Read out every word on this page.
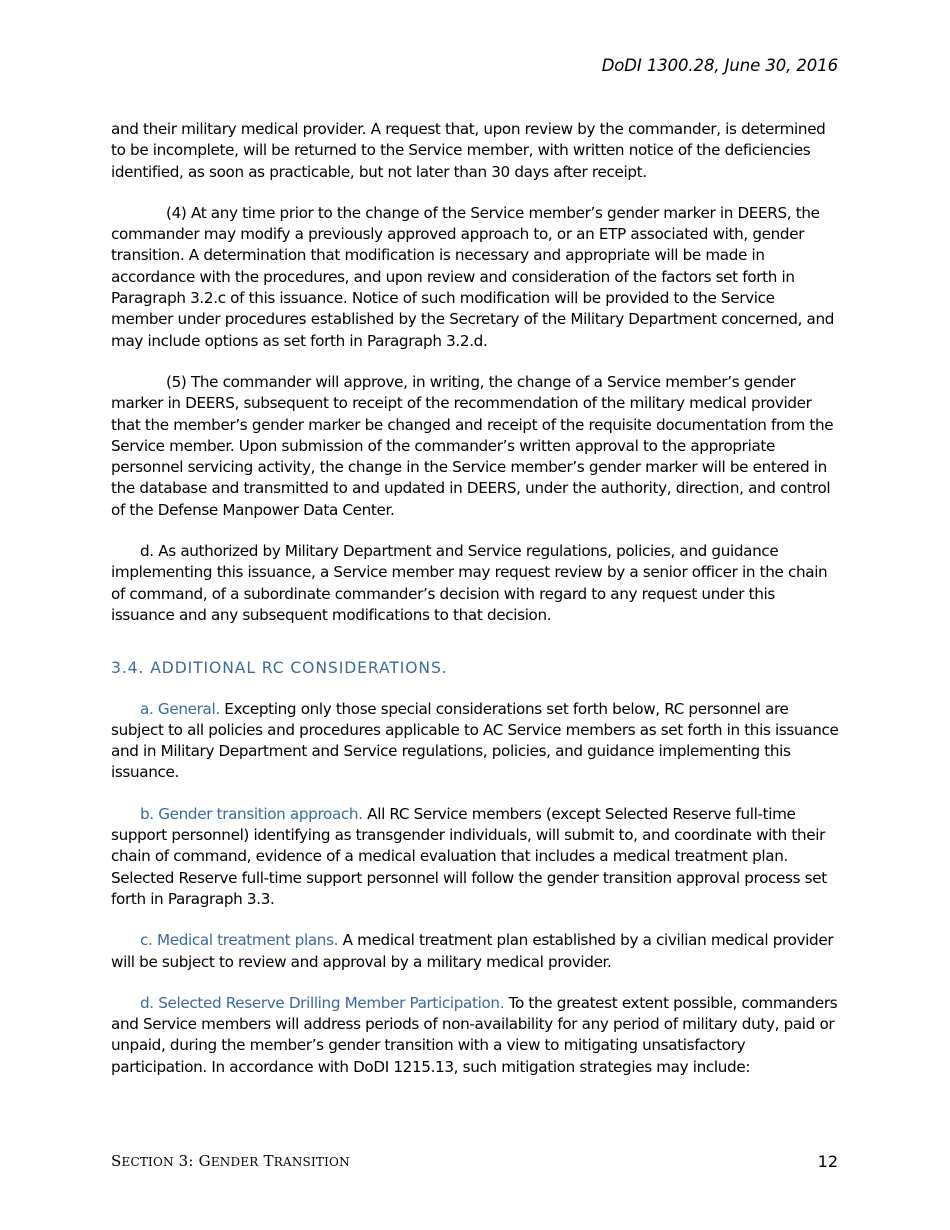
DoDI 1300.28, June 30, 2016

and their military medical provider. A request that, upon review by the commander, is determined to be incomplete, will be returned to the Service member, with written notice of the deficiencies identified, as soon as practicable, but not later than 30 days after receipt.

(4) At any time prior to the change of the Service member’s gender marker in DEERS, the commander may modify a previously approved approach to, or an ETP associated with, gender transition. A determination that modification is necessary and appropriate will be made in accordance with the procedures, and upon review and consideration of the factors set forth in Paragraph 3.2.c of this issuance. Notice of such modification will be provided to the Service member under procedures established by the Secretary of the Military Department concerned, and may include options as set forth in Paragraph 3.2.d.

(5) The commander will approve, in writing, the change of a Service member’s gender marker in DEERS, subsequent to receipt of the recommendation of the military medical provider that the member’s gender marker be changed and receipt of the requisite documentation from the Service member. Upon submission of the commander’s written approval to the appropriate personnel servicing activity, the change in the Service member’s gender marker will be entered in the database and transmitted to and updated in DEERS, under the authority, direction, and control of the Defense Manpower Data Center.

d. As authorized by Military Department and Service regulations, policies, and guidance implementing this issuance, a Service member may request review by a senior officer in the chain of command, of a subordinate commander’s decision with regard to any request under this issuance and any subsequent modifications to that decision.

3.4. ADDITIONAL RC CONSIDERATIONS.

a. General. Excepting only those special considerations set forth below, RC personnel are subject to all policies and procedures applicable to AC Service members as set forth in this issuance and in Military Department and Service regulations, policies, and guidance implementing this issuance.

b. Gender transition approach. All RC Service members (except Selected Reserve full-time support personnel) identifying as transgender individuals, will submit to, and coordinate with their chain of command, evidence of a medical evaluation that includes a medical treatment plan. Selected Reserve full-time support personnel will follow the gender transition approval process set forth in Paragraph 3.3.

c. Medical treatment plans. A medical treatment plan established by a civilian medical provider will be subject to review and approval by a military medical provider.

d. Selected Reserve Drilling Member Participation. To the greatest extent possible, commanders and Service members will address periods of non-availability for any period of military duty, paid or unpaid, during the member’s gender transition with a view to mitigating unsatisfactory participation. In accordance with DoDI 1215.13, such mitigation strategies may include:

SECTION 3: GENDER TRANSITION	12
